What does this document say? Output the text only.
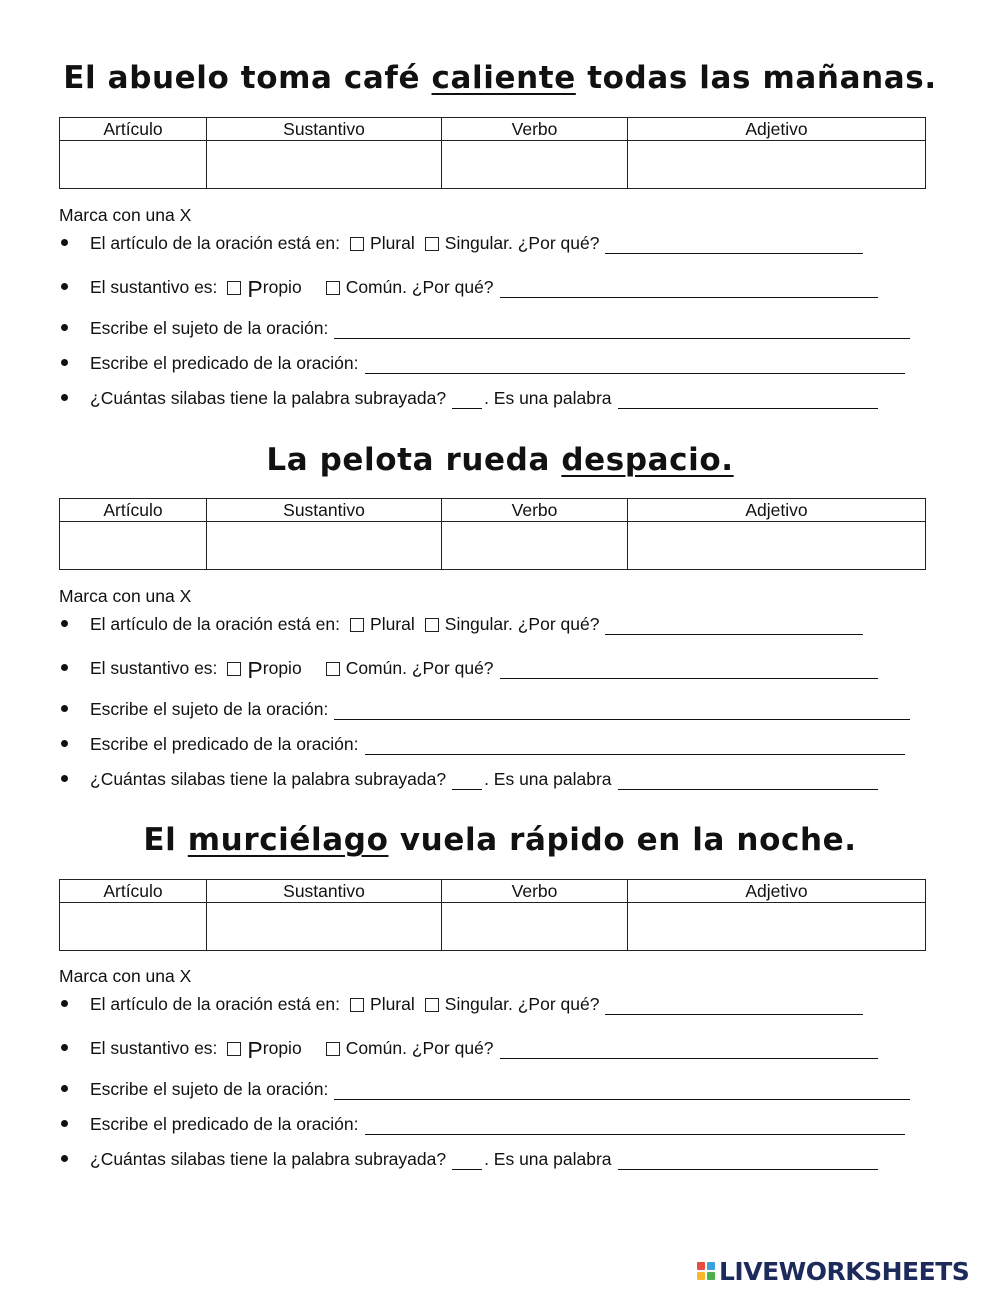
El abuelo toma café caliente todas las mañanas.
Artículo	Sustantivo	Verbo	Adjetivo

Marca con una X

El artículo de la oración está en: Plural Singular. ¿Por qué?
El sustantivo es: P ropio	Común. ¿Por qué?
Escribe el sujeto de la oración:
Escribe el predicado de la oración:
¿Cuántas silabas tiene la palabra subrayada? . Es una palabra
La pelota rueda despacio.
Artículo	Sustantivo	Verbo	Adjetivo

Marca con una X

El artículo de la oración está en: Plural Singular. ¿Por qué?
El sustantivo es: P ropio	Común. ¿Por qué?
Escribe el sujeto de la oración:
Escribe el predicado de la oración:
¿Cuántas silabas tiene la palabra subrayada? . Es una palabra
El murciélago vuela rápido en la noche.
Artículo	Sustantivo	Verbo	Adjetivo

Marca con una X

El artículo de la oración está en: Plural Singular. ¿Por qué?
El sustantivo es: P ropio	Común. ¿Por qué?
Escribe el sujeto de la oración:
Escribe el predicado de la oración:
¿Cuántas silabas tiene la palabra subrayada? . Es una palabra
LIVEWORKSHEETS
